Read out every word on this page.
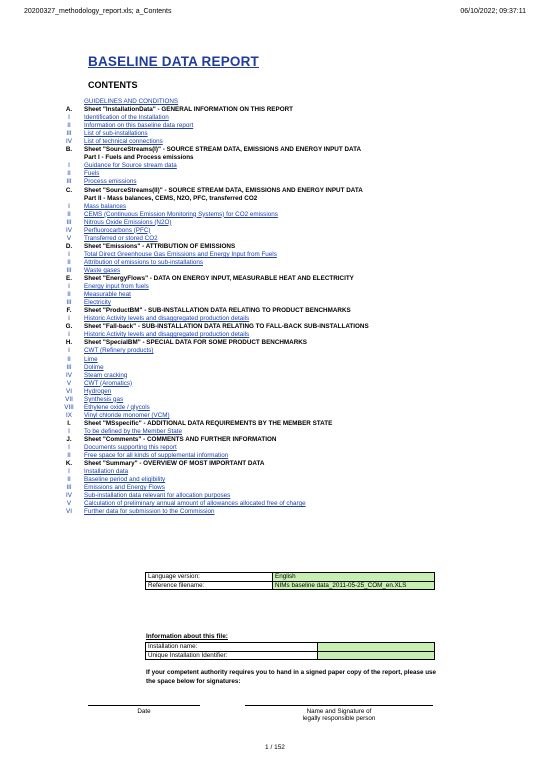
20200327_methodology_report.xls; a_Contents	06/10/2022; 09:37:11
BASELINE DATA REPORT
CONTENTS
GUIDELINES AND CONDITIONS
A.	Sheet "InstallationData" - GENERAL INFORMATION ON THIS REPORT
I	Identification of the Installation
II	Information on this baseline data report
III	List of sub-installations
IV	List of technical connections
B.	Sheet "SourceStreams(I)" - SOURCE STREAM DATA, EMISSIONS AND ENERGY INPUT DATA
Part I - Fuels and Process emissions
I	Guidance for Source stream data
II	Fuels
III	Process emissions
C.	Sheet "SourceStreams(II)" - SOURCE STREAM DATA, EMISSIONS AND ENERGY INPUT DATA
Part II - Mass balances, CEMS, N2O, PFC, transferred CO2
I	Mass balances
II	CEMS (Continuous Emission Monitoring Systems) for CO2 emissions
III	Nitrous Oxide Emissions (N2O)
IV	Perfluorocarbons (PFC)
V	Transferred or stored CO2
D.	Sheet "Emissions" - ATTRIBUTION OF EMISSIONS
I	Total Direct Greenhouse Gas Emissions and Energy Input from Fuels
II	Attribution of emissions to sub-installations
III	Waste gases
E.	Sheet "EnergyFlows" - DATA ON ENERGY INPUT, MEASURABLE HEAT AND ELECTRICITY
I	Energy input from fuels
II	Measurable heat
III	Electricity
F.	Sheet "ProductBM" - SUB-INSTALLATION DATA RELATING TO PRODUCT BENCHMARKS
I	Historic Activity levels and disaggregated production details
G.	Sheet "Fall-back" - SUB-INSTALLATION DATA RELATING TO FALL-BACK SUB-INSTALLATIONS
I	Historic Activity levels and disaggregated production details
H.	Sheet "SpecialBM" - SPECIAL DATA FOR SOME PRODUCT BENCHMARKS
I	CWT (Refinery products)
II	Lime
III	Dolime
IV	Steam cracking
V	CWT (Aromatics)
VI	Hydrogen
VII	Synthesis gas
VIII	Ethylene oxide / glycols
IX	Vinyl chloride monomer (VCM)
I.	Sheet "MSspecific" - ADDITIONAL DATA REQUIREMENTS BY THE MEMBER STATE
I	To be defined by the Member State
J.	Sheet "Comments" - COMMENTS AND FURTHER INFORMATION
I	Documents supporting this report
II	Free space for all kinds of supplemental information
K.	Sheet "Summary" - OVERVIEW OF MOST IMPORTANT DATA
I	Installation data
II	Baseline period and eligibility
III	Emissions and Energy Flows
IV	Sub-installation data relevant for allocation purposes
V	Calculation of preliminary annual amount of allowances allocated free of charge
VI	Further data for submission to the Commission
Language version:	English
Reference filename:	NIMs baseline data_2011-05-25_COM_en.XLS
Information about this file:
Installation name:	
Unique Installation Identifier:	
If your competent authority requires you to hand in a signed paper copy of the report, please use the space below for signatures:
Date	Name and Signature of
legally responsible person
1 / 152
